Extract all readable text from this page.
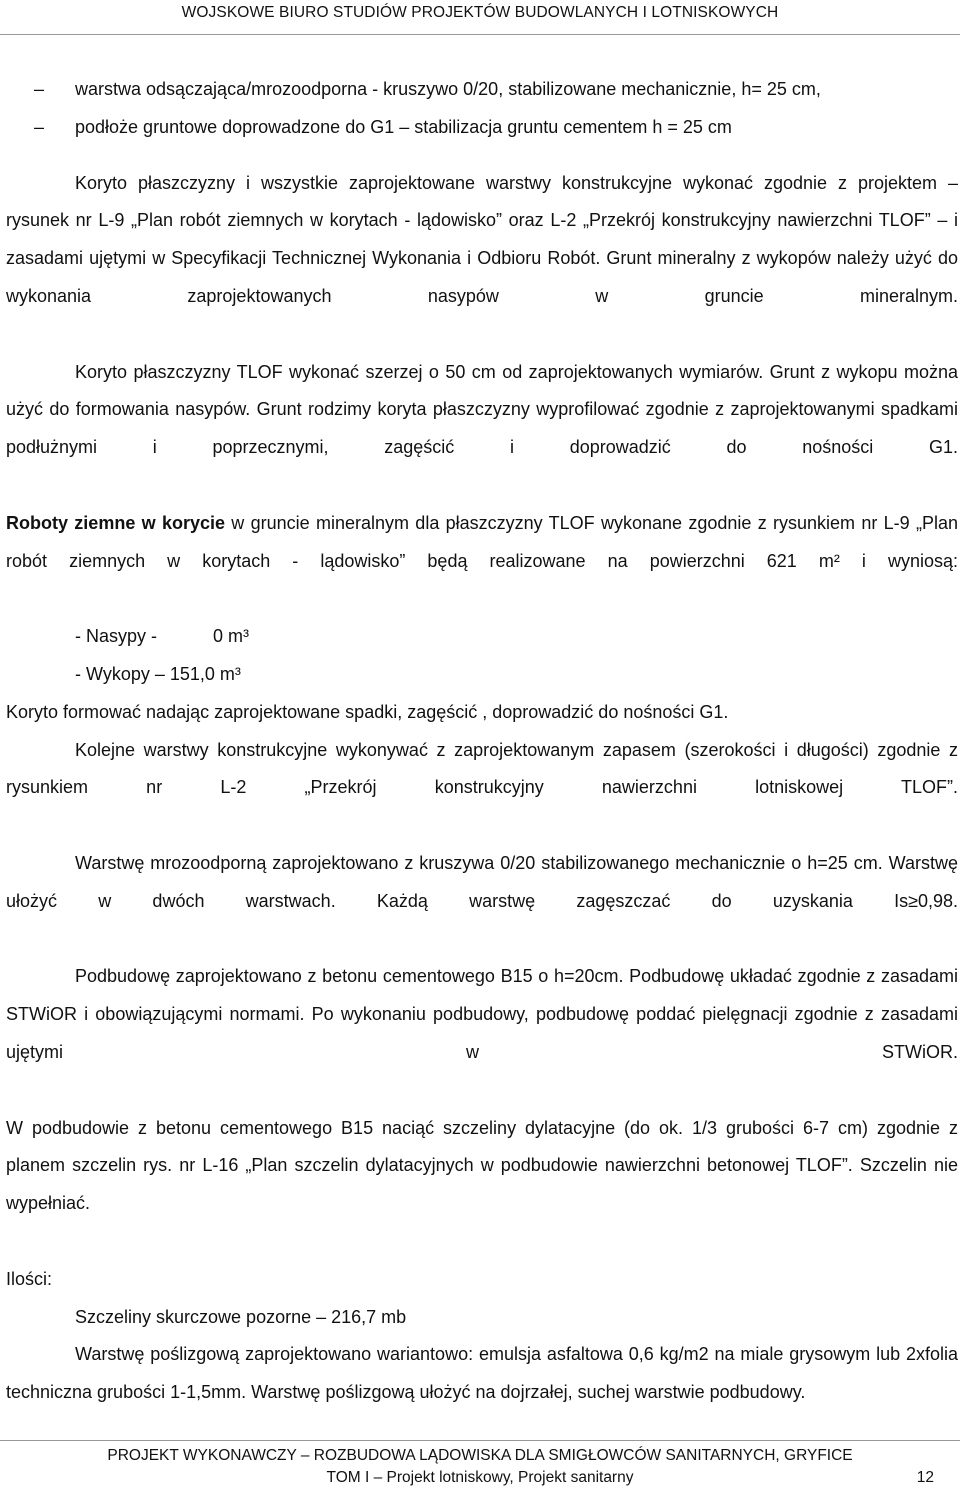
WOJSKOWE BIURO STUDIÓW PROJEKTÓW BUDOWLANYCH I LOTNISKOWYCH

– warstwa odsączająca/mrozoodporna - kruszywo 0/20, stabilizowane mechanicznie, h= 25 cm,

– podłoże gruntowe doprowadzone do G1 – stabilizacja gruntu cementem h = 25 cm

Koryto płaszczyzny i wszystkie zaprojektowane warstwy konstrukcyjne wykonać zgodnie z projektem – rysunek nr L-9 „Plan robót ziemnych w korytach - lądowisko” oraz L-2 „Przekrój konstrukcyjny nawierzchni TLOF” – i zasadami ujętymi w Specyfikacji Technicznej Wykonania i Odbioru Robót. Grunt mineralny z wykopów należy użyć do wykonania zaprojektowanych nasypów w gruncie mineralnym.

Koryto płaszczyzny TLOF wykonać szerzej o 50 cm od zaprojektowanych wymiarów. Grunt z wykopu można użyć do formowania nasypów. Grunt rodzimy koryta płaszczyzny wyprofilować zgodnie z zaprojektowanymi spadkami podłużnymi i poprzecznymi, zagęścić i doprowadzić do nośności G1.

Roboty ziemne w korycie w gruncie mineralnym dla płaszczyzny TLOF wykonane zgodnie z rysunkiem nr L-9 „Plan robót ziemnych w korytach - lądowisko” będą realizowane na powierzchni 621 m² i wyniosą:

- Nasypy -	0 m³

- Wykopy – 151,0 m³

Koryto formować nadając zaprojektowane spadki, zagęścić , doprowadzić do nośności G1.

Kolejne warstwy konstrukcyjne wykonywać z zaprojektowanym zapasem (szerokości i długości) zgodnie z rysunkiem nr L-2 „Przekrój konstrukcyjny nawierzchni lotniskowej TLOF”.

Warstwę mrozoodporną zaprojektowano z kruszywa 0/20 stabilizowanego mechanicznie o h=25 cm. Warstwę ułożyć w dwóch warstwach. Każdą warstwę zagęszczać do uzyskania Is≥0,98.

Podbudowę zaprojektowano z betonu cementowego B15 o h=20cm. Podbudowę układać zgodnie z zasadami STWiOR i obowiązującymi normami. Po wykonaniu podbudowy, podbudowę poddać pielęgnacji zgodnie z zasadami ujętymi w STWiOR.

W podbudowie z betonu cementowego B15 naciąć szczeliny dylatacyjne (do ok. 1/3 grubości 6-7 cm) zgodnie z planem szczelin rys. nr L-16 „Plan szczelin dylatacyjnych w podbudowie nawierzchni betonowej TLOF”. Szczelin nie wypełniać.

Ilości:

Szczeliny skurczowe pozorne – 216,7 mb

Warstwę poślizgową zaprojektowano wariantowo: emulsja asfaltowa 0,6 kg/m2 na miale grysowym lub 2xfolia techniczna grubości 1-1,5mm. Warstwę poślizgową ułożyć na dojrzałej, suchej warstwie podbudowy.

PROJEKT WYKONAWCZY – ROZBUDOWA LĄDOWISKA DLA SMIGŁOWCÓW SANITARNYCH, GRYFICE
TOM I – Projekt lotniskowy, Projekt sanitarny	12
